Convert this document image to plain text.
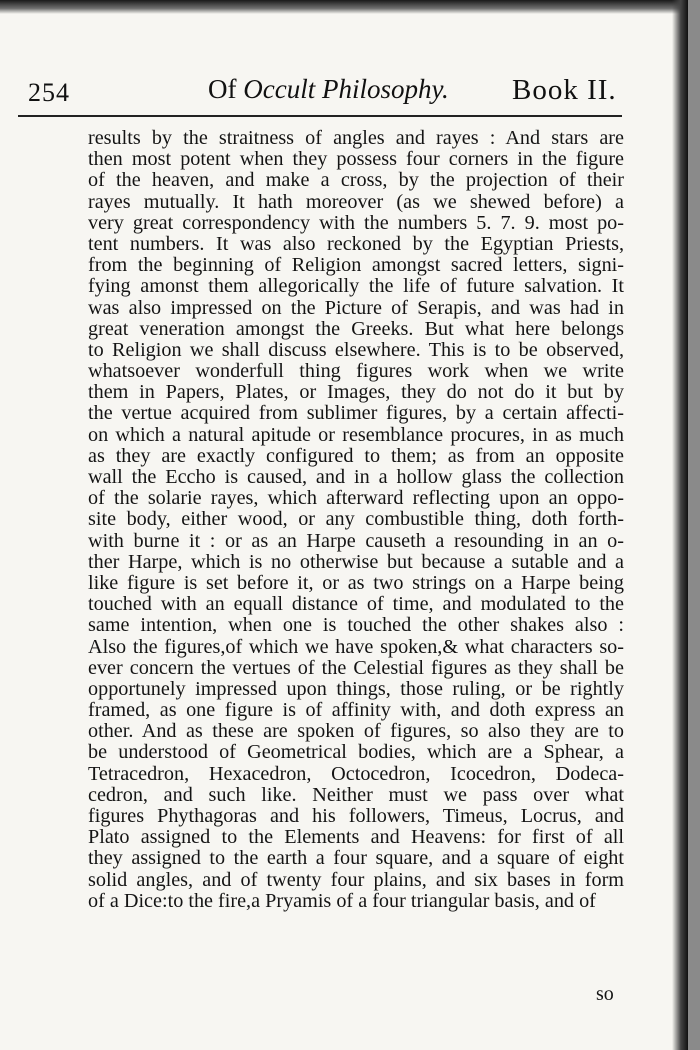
254	Of Occult Philosophy. Book II.
results by the straitness of angles and rayes : And stars are
then most potent when they possess four corners in the figure
of the heaven, and make a cross, by the projection of their
rayes mutually. It hath moreover (as we shewed before) a
very great correspondency with the numbers 5. 7. 9. most po-
tent numbers. It was also reckoned by the Egyptian Priests,
from the beginning of Religion amongst sacred letters, signi-
fying amonst them allegorically the life of future salvation. It
was also impressed on the Picture of Serapis, and was had in
great veneration amongst the Greeks. But what here belongs
to Religion we shall discuss elsewhere. This is to be observed,
whatsoever wonderfull thing figures work when we write
them in Papers, Plates, or Images, they do not do it but by
the vertue acquired from sublimer figures, by a certain affecti-
on which a natural apitude or resemblance procures, in as much
as they are exactly configured to them; as from an opposite
wall the Eccho is caused, and in a hollow glass the collection
of the solarie rayes, which afterward reflecting upon an oppo-
site body, either wood, or any combustible thing, doth forth-
with burne it : or as an Harpe causeth a resounding in an o-
ther Harpe, which is no otherwise but because a sutable and a
like figure is set before it, or as two strings on a Harpe being
touched with an equall distance of time, and modulated to the
same intention, when one is touched the other shakes also :
Also the figures,of which we have spoken,& what characters so-
ever concern the vertues of the Celestial figures as they shall be
opportunely impressed upon things, those ruling, or be rightly
framed, as one figure is of affinity with, and doth express an
other. And as these are spoken of figures, so also they are to
be understood of Geometrical bodies, which are a Sphear, a
Tetracedron, Hexacedron, Octocedron, Icocedron, Dodeca-
cedron, and such like. Neither must we pass over what
figures Phythagoras and his followers, Timeus, Locrus, and
Plato assigned to the Elements and Heavens: for first of all
they assigned to the earth a four square, and a square of eight
solid angles, and of twenty four plains, and six bases in form
of a Dice:to the fire,a Pryamis of a four triangular basis, and of
so
